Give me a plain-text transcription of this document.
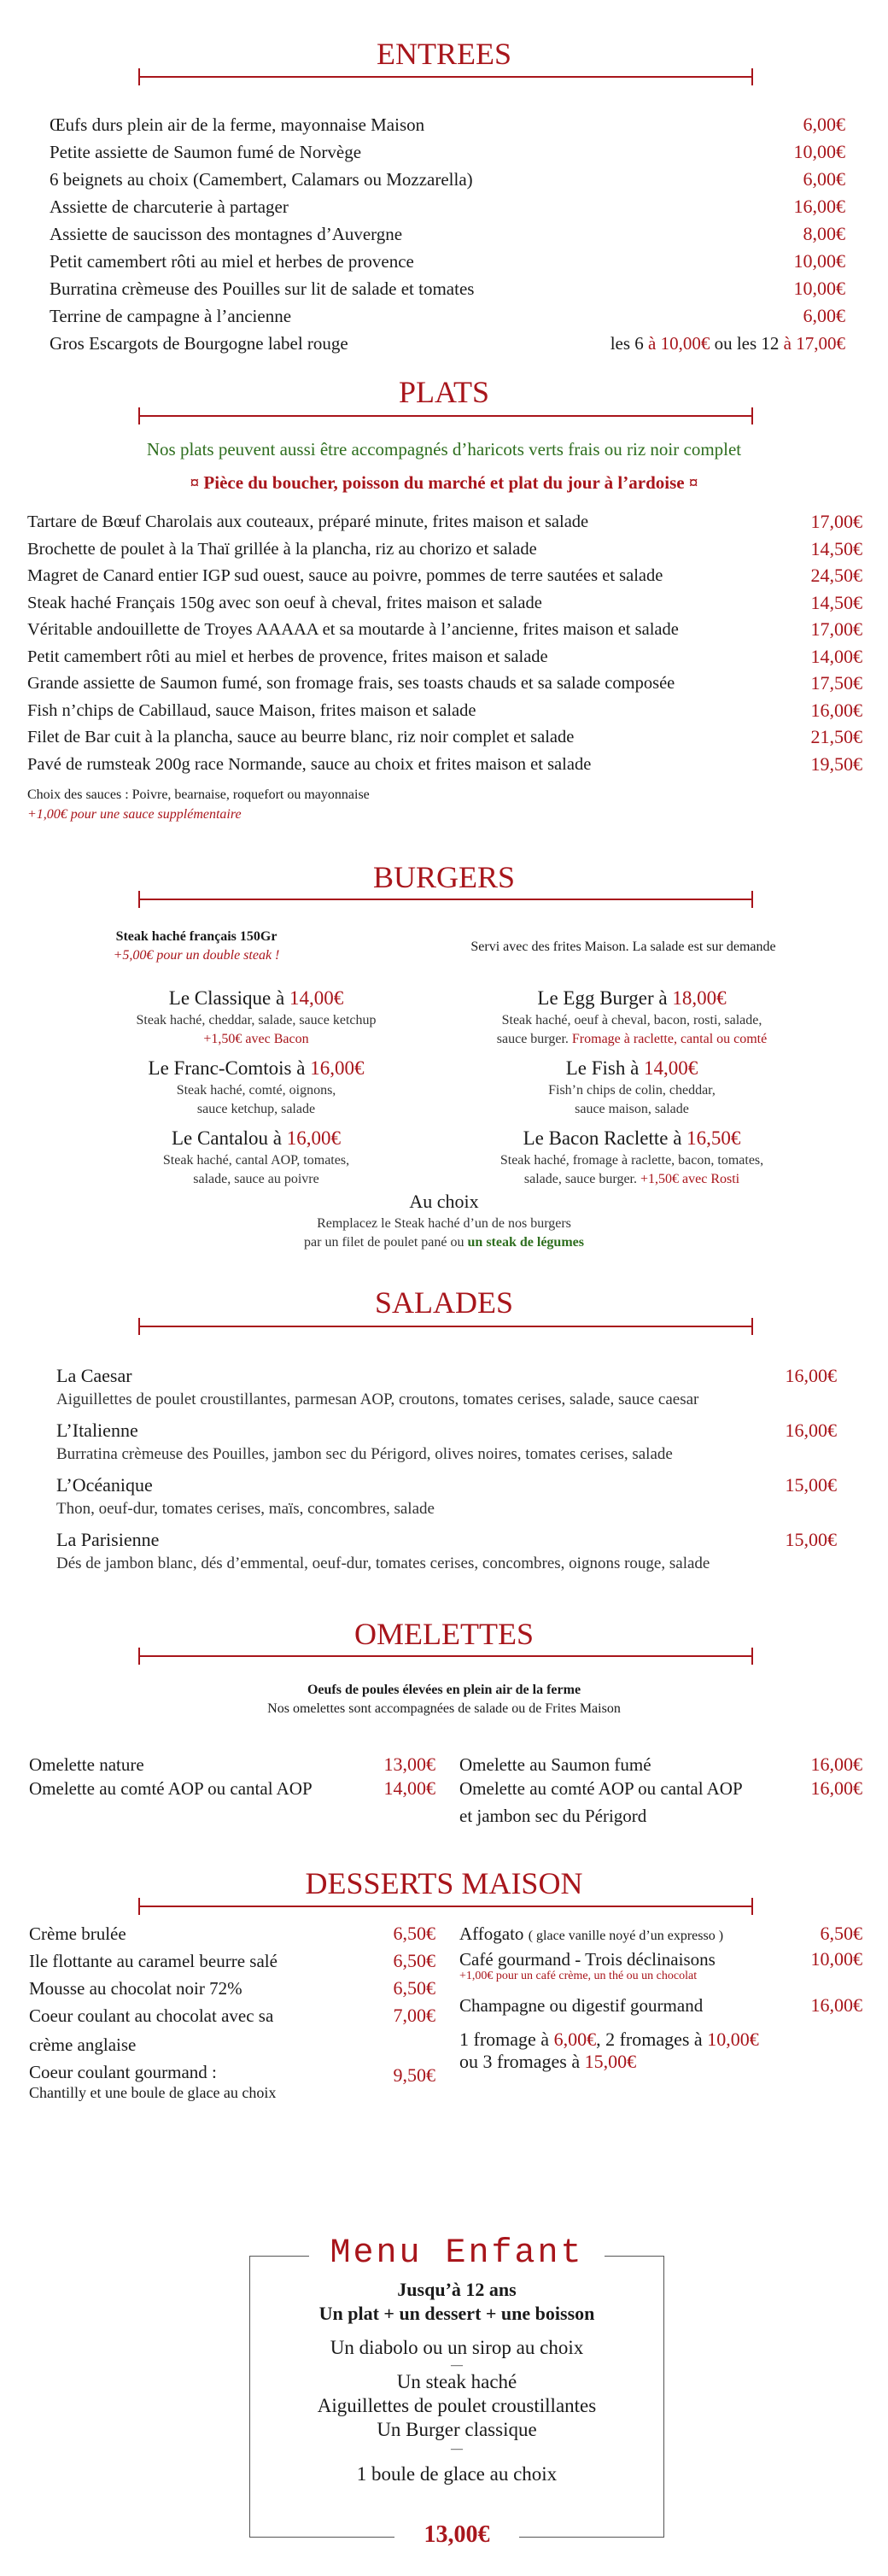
ENTREES
Œufs durs plein air de la ferme, mayonnaise Maison	6,00€
Petite assiette de Saumon fumé de Norvège	10,00€
6 beignets au choix (Camembert, Calamars ou Mozzarella)	6,00€
Assiette de charcuterie à partager	16,00€
Assiette de saucisson des montagnes d’Auvergne	8,00€
Petit camembert rôti au miel et herbes de provence	10,00€
Burratina crèmeuse des Pouilles sur lit de salade et tomates	10,00€
Terrine de campagne à l’ancienne	6,00€
Gros Escargots de Bourgogne label rouge	les 6 à 10,00€ ou les 12 à 17,00€
PLATS
Nos plats peuvent aussi être accompagnés d’haricots verts frais ou riz noir complet
¤ Pièce du boucher, poisson du marché et plat du jour à l’ardoise ¤
Tartare de Bœuf Charolais aux couteaux, préparé minute, frites maison et salade	17,00€
Brochette de poulet à la Thaï grillée à la plancha, riz au chorizo et salade	14,50€
Magret de Canard entier IGP sud ouest, sauce au poivre, pommes de terre sautées et salade	24,50€
Steak haché Français 150g avec son oeuf à cheval, frites maison et salade	14,50€
Véritable andouillette de Troyes AAAAA et sa moutarde à l’ancienne, frites maison et salade	17,00€
Petit camembert rôti au miel et herbes de provence, frites maison et salade	14,00€
Grande assiette de Saumon fumé, son fromage frais, ses toasts chauds et sa salade composée	17,50€
Fish n’chips de Cabillaud, sauce Maison, frites maison et salade	16,00€
Filet de Bar cuit à la plancha, sauce au beurre blanc, riz noir complet et salade	21,50€
Pavé de rumsteak 200g race Normande, sauce au choix et frites maison et salade	19,50€
Choix des sauces : Poivre, bearnaise, roquefort ou mayonnaise
+1,00€ pour une sauce supplémentaire
BURGERS
Steak haché français 150Gr
+5,00€ pour un double steak !
Servi avec des frites Maison. La salade est sur demande
Le Classique à 14,00€
Steak haché, cheddar, salade, sauce ketchup
+1,50€ avec Bacon
Le Franc-Comtois à 16,00€
Steak haché, comté, oignons,
sauce ketchup, salade
Le Cantalou à 16,00€
Steak haché, cantal AOP, tomates,
salade, sauce au poivre
Le Egg Burger à 18,00€
Steak haché, oeuf à cheval, bacon, rosti, salade,
sauce burger. Fromage à raclette, cantal ou comté
Le Fish à 14,00€
Fish’n chips de colin, cheddar,
sauce maison, salade
Le Bacon Raclette à 16,50€
Steak haché, fromage à raclette, bacon, tomates,
salade, sauce burger. +1,50€ avec Rosti
Au choix
Remplacez le Steak haché d’un de nos burgers
par un filet de poulet pané ou un steak de légumes
SALADES
La Caesar	16,00€
Aiguillettes de poulet croustillantes, parmesan AOP, croutons, tomates cerises, salade, sauce caesar
L’Italienne	16,00€
Burratina crèmeuse des Pouilles, jambon sec du Périgord, olives noires, tomates cerises, salade
L’Océanique	15,00€
Thon, oeuf-dur, tomates cerises, maïs, concombres, salade
La Parisienne	15,00€
Dés de jambon blanc, dés d’emmental, oeuf-dur, tomates cerises, concombres, oignons rouge, salade
OMELETTES
Oeufs de poules élevées en plein air de la ferme
Nos omelettes sont accompagnées de salade ou de Frites Maison
Omelette nature	13,00€
Omelette au comté AOP ou cantal AOP	14,00€
Omelette au Saumon fumé	16,00€
Omelette au comté AOP ou cantal AOP	16,00€
et jambon sec du Périgord
DESSERTS MAISON
Crème brulée	6,50€
Ile flottante au caramel beurre salé	6,50€
Mousse au chocolat noir 72%	6,50€
Coeur coulant au chocolat avec sa	7,00€
crème anglaise
Coeur coulant gourmand :	9,50€
Chantilly et une boule de glace au choix
Affogato ( glace vanille noyé d’un expresso )	6,50€
Café gourmand - Trois déclinaisons	10,00€
+1,00€ pour un café crème, un thé ou un chocolat
Champagne ou digestif gourmand	16,00€
1 fromage à 6,00€, 2 fromages à 10,00€
ou 3 fromages à 15,00€
Menu Enfant
Jusqu’à 12 ans
Un plat + un dessert + une boisson
Un diabolo ou un sirop au choix
—
Un steak haché
Aiguillettes de poulet croustillantes
Un Burger classique
—
1 boule de glace au choix
13,00€
